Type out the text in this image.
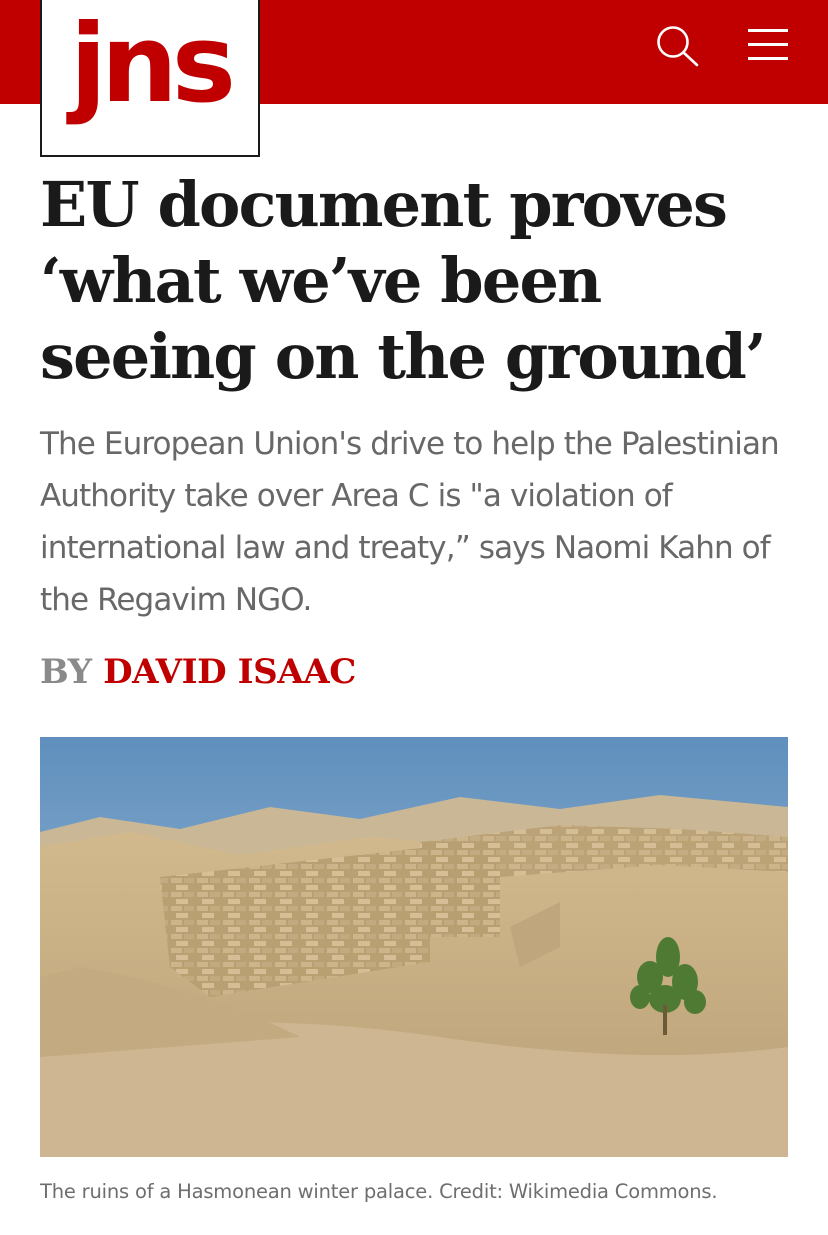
jns
EU document proves ‘what we’ve been seeing on the ground’

The European Union's drive to help the Palestinian Authority take over Area C is "a violation of international law and treaty,” says Naomi Kahn of the Regavim NGO.

BY DAVID ISAAC

The ruins of a Hasmonean winter palace. Credit: Wikimedia Commons.
